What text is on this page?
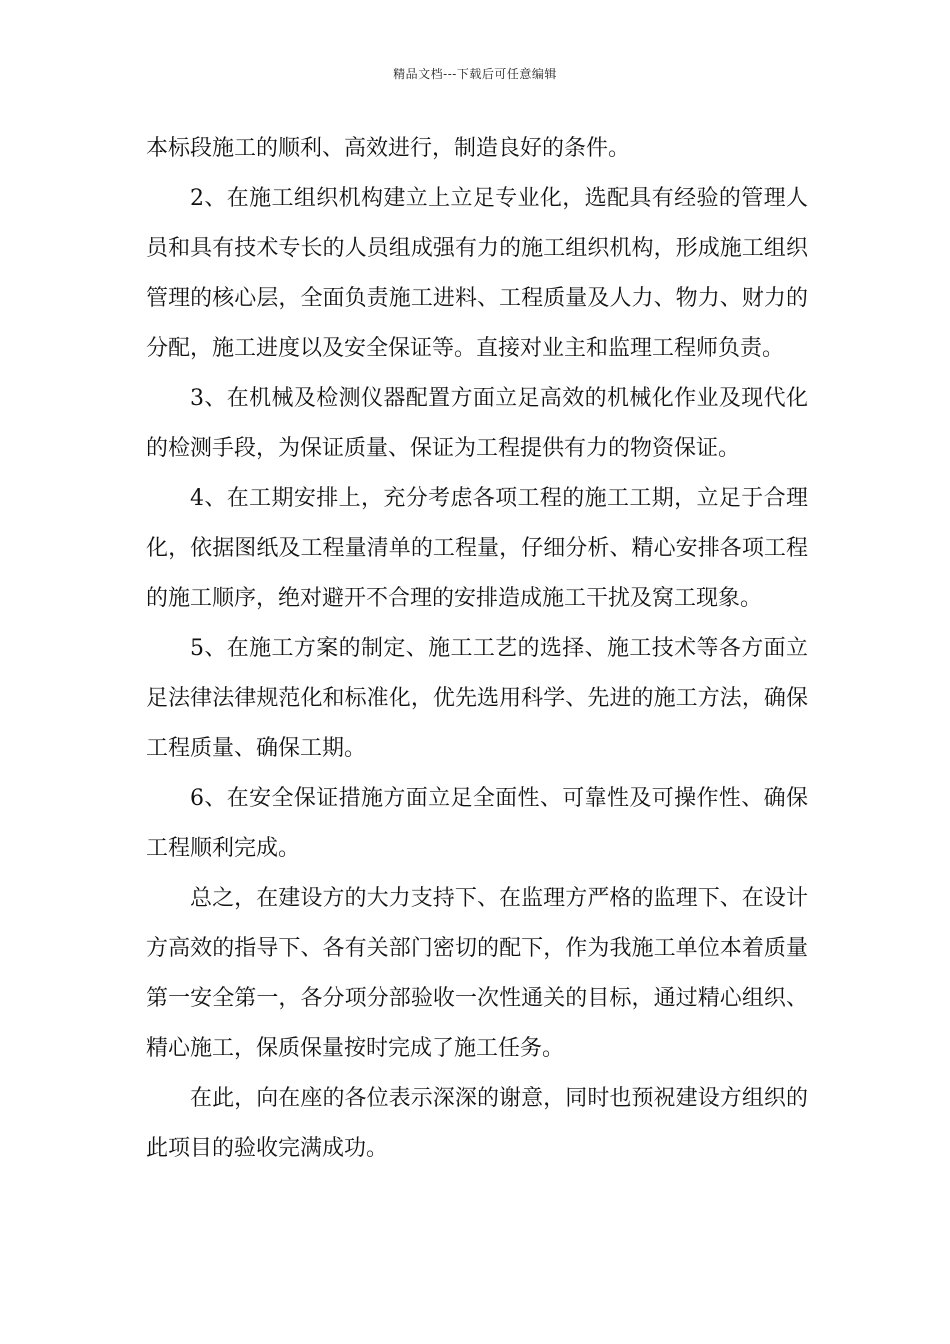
精品文档---下载后可任意编辑

本标段施工的顺利、高效进行，制造良好的条件。

2、在施工组织机构建立上立足专业化，选配具有经验的管理人员和具有技术专长的人员组成强有力的施工组织机构，形成施工组织管理的核心层，全面负责施工进料、工程质量及人力、物力、财力的分配，施工进度以及安全保证等。直接对业主和监理工程师负责。

3、在机械及检测仪器配置方面立足高效的机械化作业及现代化的检测手段，为保证质量、保证为工程提供有力的物资保证。

4、在工期安排上，充分考虑各项工程的施工工期，立足于合理化，依据图纸及工程量清单的工程量，仔细分析、精心安排各项工程的施工顺序，绝对避开不合理的安排造成施工干扰及窝工现象。

5、在施工方案的制定、施工工艺的选择、施工技术等各方面立足法律法律规范化和标准化，优先选用科学、先进的施工方法，确保工程质量、确保工期。

6、在安全保证措施方面立足全面性、可靠性及可操作性、确保工程顺利完成。

总之，在建设方的大力支持下、在监理方严格的监理下、在设计方高效的指导下、各有关部门密切的配下，作为我施工单位本着质量第一安全第一，各分项分部验收一次性通关的目标，通过精心组织、精心施工，保质保量按时完成了施工任务。

在此，向在座的各位表示深深的谢意，同时也预祝建设方组织的此项目的验收完满成功。
